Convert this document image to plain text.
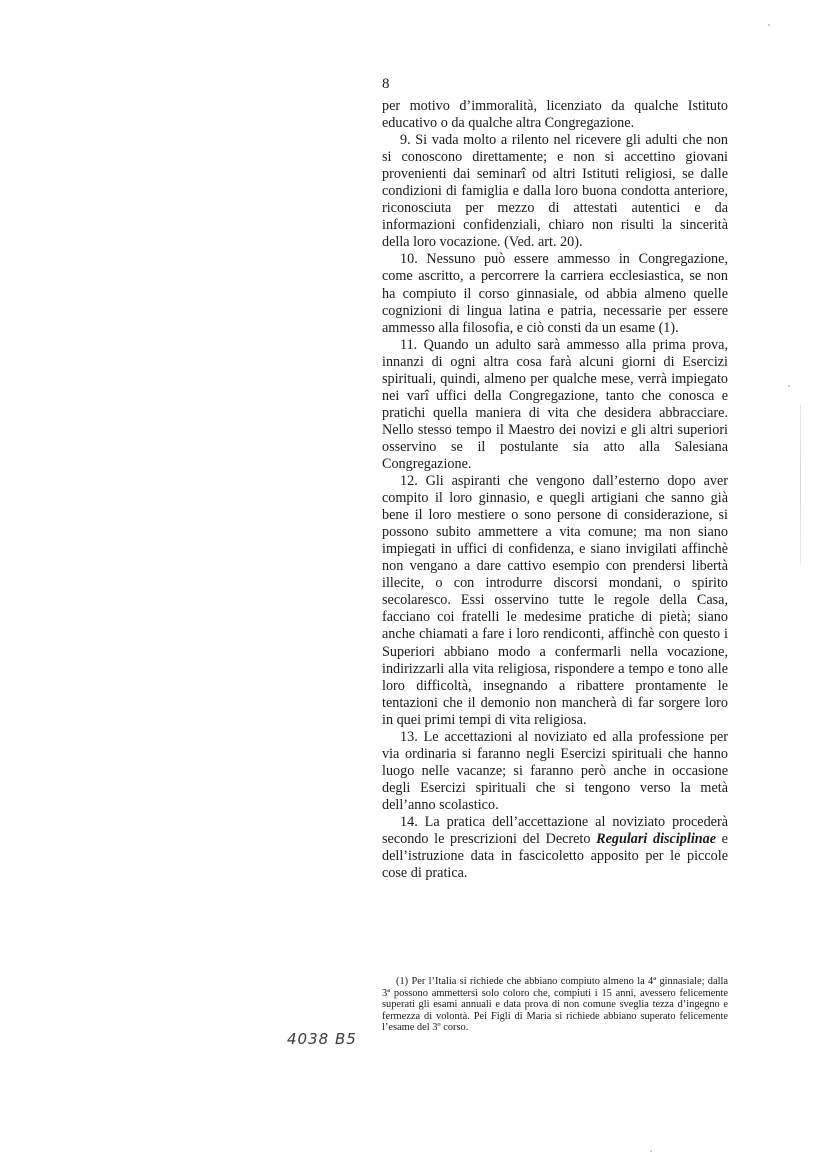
8

per motivo d’immoralità, licenziato da qualche Istituto educativo o da qualche altra Congregazione.

9. Si vada molto a rilento nel ricevere gli adulti che non si conoscono direttamente; e non si accettino giovani provenienti dai seminarî od altri Istituti religiosi, se dalle condizioni di famiglia e dalla loro buona condotta anteriore, riconosciuta per mezzo di attestati autentici e da informazioni confidenziali, chiaro non risulti la sincerità della loro vocazione. (Ved. art. 20).

10. Nessuno può essere ammesso in Congregazione, come ascritto, a percorrere la carriera ecclesiastica, se non ha compiuto il corso ginnasiale, od abbia almeno quelle cognizioni di lingua latina e patria, necessarie per essere ammesso alla filosofia, e ciò consti da un esame (1).

11. Quando un adulto sarà ammesso alla prima prova, innanzi di ogni altra cosa farà alcuni giorni di Esercizi spirituali, quindi, almeno per qualche mese, verrà impiegato nei varî uffici della Congregazione, tanto che conosca e pratichi quella maniera di vita che desidera abbracciare. Nello stesso tempo il Maestro dei novizi e gli altri superiori osservino se il postulante sia atto alla Salesiana Congregazione.

12. Gli aspiranti che vengono dall’esterno dopo aver compito il loro ginnasio, e quegli artigiani che sanno già bene il loro mestiere o sono persone di considerazione, si possono subito ammettere a vita comune; ma non siano impiegati in uffici di confidenza, e siano invigilati affinchè non vengano a dare cattivo esempio con prendersi libertà illecite, o con introdurre discorsi mondani, o spirito secolaresco. Essi osservino tutte le regole della Casa, facciano coi fratelli le medesime pratiche di pietà; siano anche chiamati a fare i loro rendiconti, affinchè con questo i Superiori abbiano modo a confermarli nella vocazione, indirizzarli alla vita religiosa, rispondere a tempo e tono alle loro difficoltà, insegnando a ribattere prontamente le tentazioni che il demonio non mancherà di far sorgere loro in quei primi tempi di vita religiosa.

13. Le accettazioni al noviziato ed alla professione per via ordinaria si faranno negli Esercizi spirituali che hanno luogo nelle vacanze; si faranno però anche in occasione degli Esercizi spirituali che si tengono verso la metà dell’anno scolastico.

14. La pratica dell’accettazione al noviziato procederà secondo le prescrizioni del Decreto Regulari disciplinae e dell’istruzione data in fascicoletto apposito per le piccole cose di pratica.

(1) Per l’Italia si richiede che abbiano compiuto almeno la 4ª ginnasiale; dalla 3ª possono ammettersi solo coloro che, compiuti i 15 anni, avessero felicemente superati gli esami annuali e data prova di non comune sveglia tezza d’ingegno e fermezza di volontà. Pei Figli di Maria si richiede abbiano superato felicemente l’esame del 3º corso.

4038 B5
